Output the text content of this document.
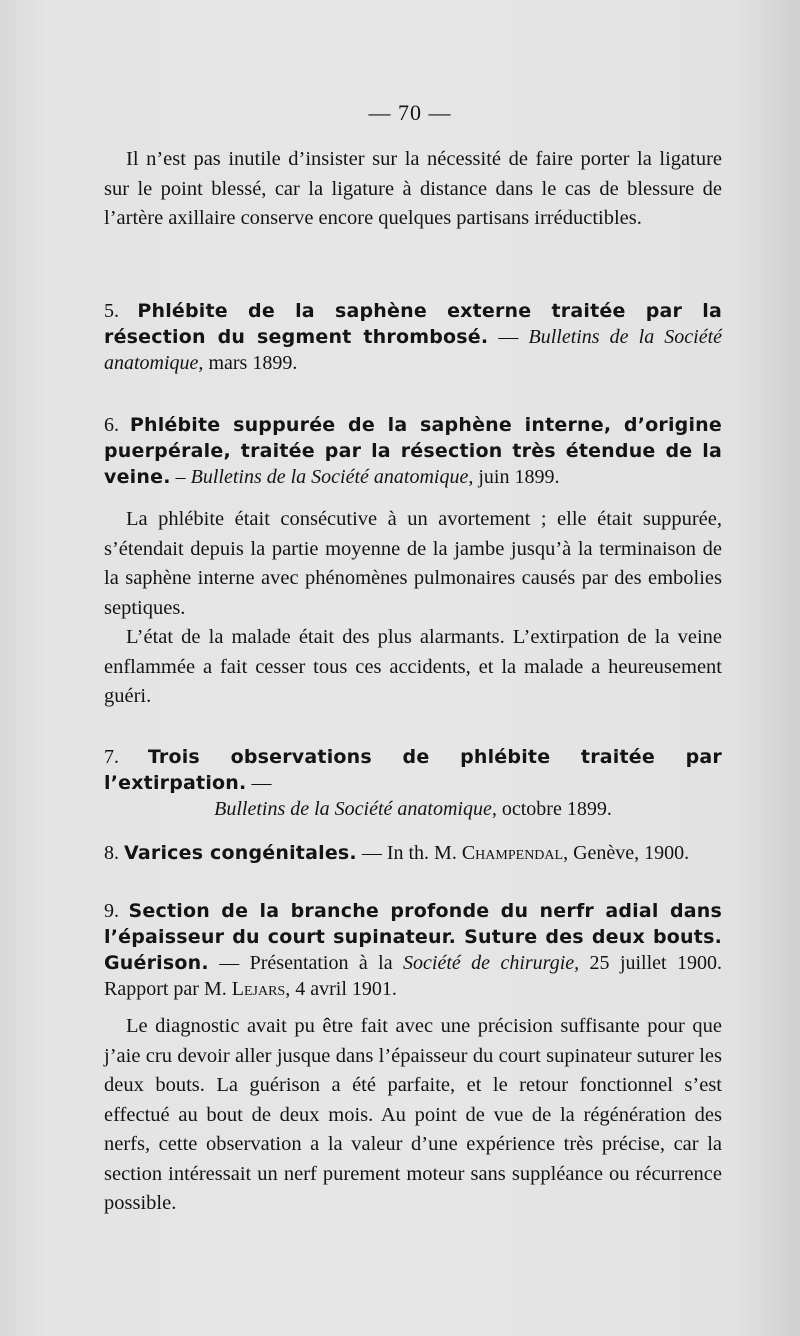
— 70 —

Il n’est pas inutile d’insister sur la nécessité de faire porter la ligature sur le point blessé, car la ligature à distance dans le cas de blessure de l’artère axillaire conserve encore quelques partisans irréductibles.

5. Phlébite de la saphène externe traitée par la résection du segment thrombosé. — Bulletins de la Société anatomique, mars 1899.

6. Phlébite suppurée de la saphène interne, d’origine puerpérale, traitée par la résection très étendue de la veine. – Bulletins de la Société anatomique, juin 1899.

La phlébite était consécutive à un avortement ; elle était suppurée, s’étendait depuis la partie moyenne de la jambe jusqu’à la terminaison de la saphène interne avec phénomènes pulmonaires causés par des embolies septiques.

L’état de la malade était des plus alarmants. L’extirpation de la veine enflammée a fait cesser tous ces accidents, et la malade a heureusement guéri.

7. Trois observations de phlébite traitée par l’extirpation. —

Bulletins de la Société anatomique, octobre 1899.

8. Varices congénitales. — In th. M. Champendal, Genève, 1900.

9. Section de la branche profonde du nerfr adial dans l’épaisseur du court supinateur. Suture des deux bouts. Guérison. — Présentation à la Société de chirurgie, 25 juillet 1900. Rapport par M. Lejars, 4 avril 1901.

Le diagnostic avait pu être fait avec une précision suffisante pour que j’aie cru devoir aller jusque dans l’épaisseur du court supinateur suturer les deux bouts. La guérison a été parfaite, et le retour fonctionnel s’est effectué au bout de deux mois. Au point de vue de la régénération des nerfs, cette observation a la valeur d’une expérience très précise, car la section intéressait un nerf purement moteur sans suppléance ou récurrence possible.
